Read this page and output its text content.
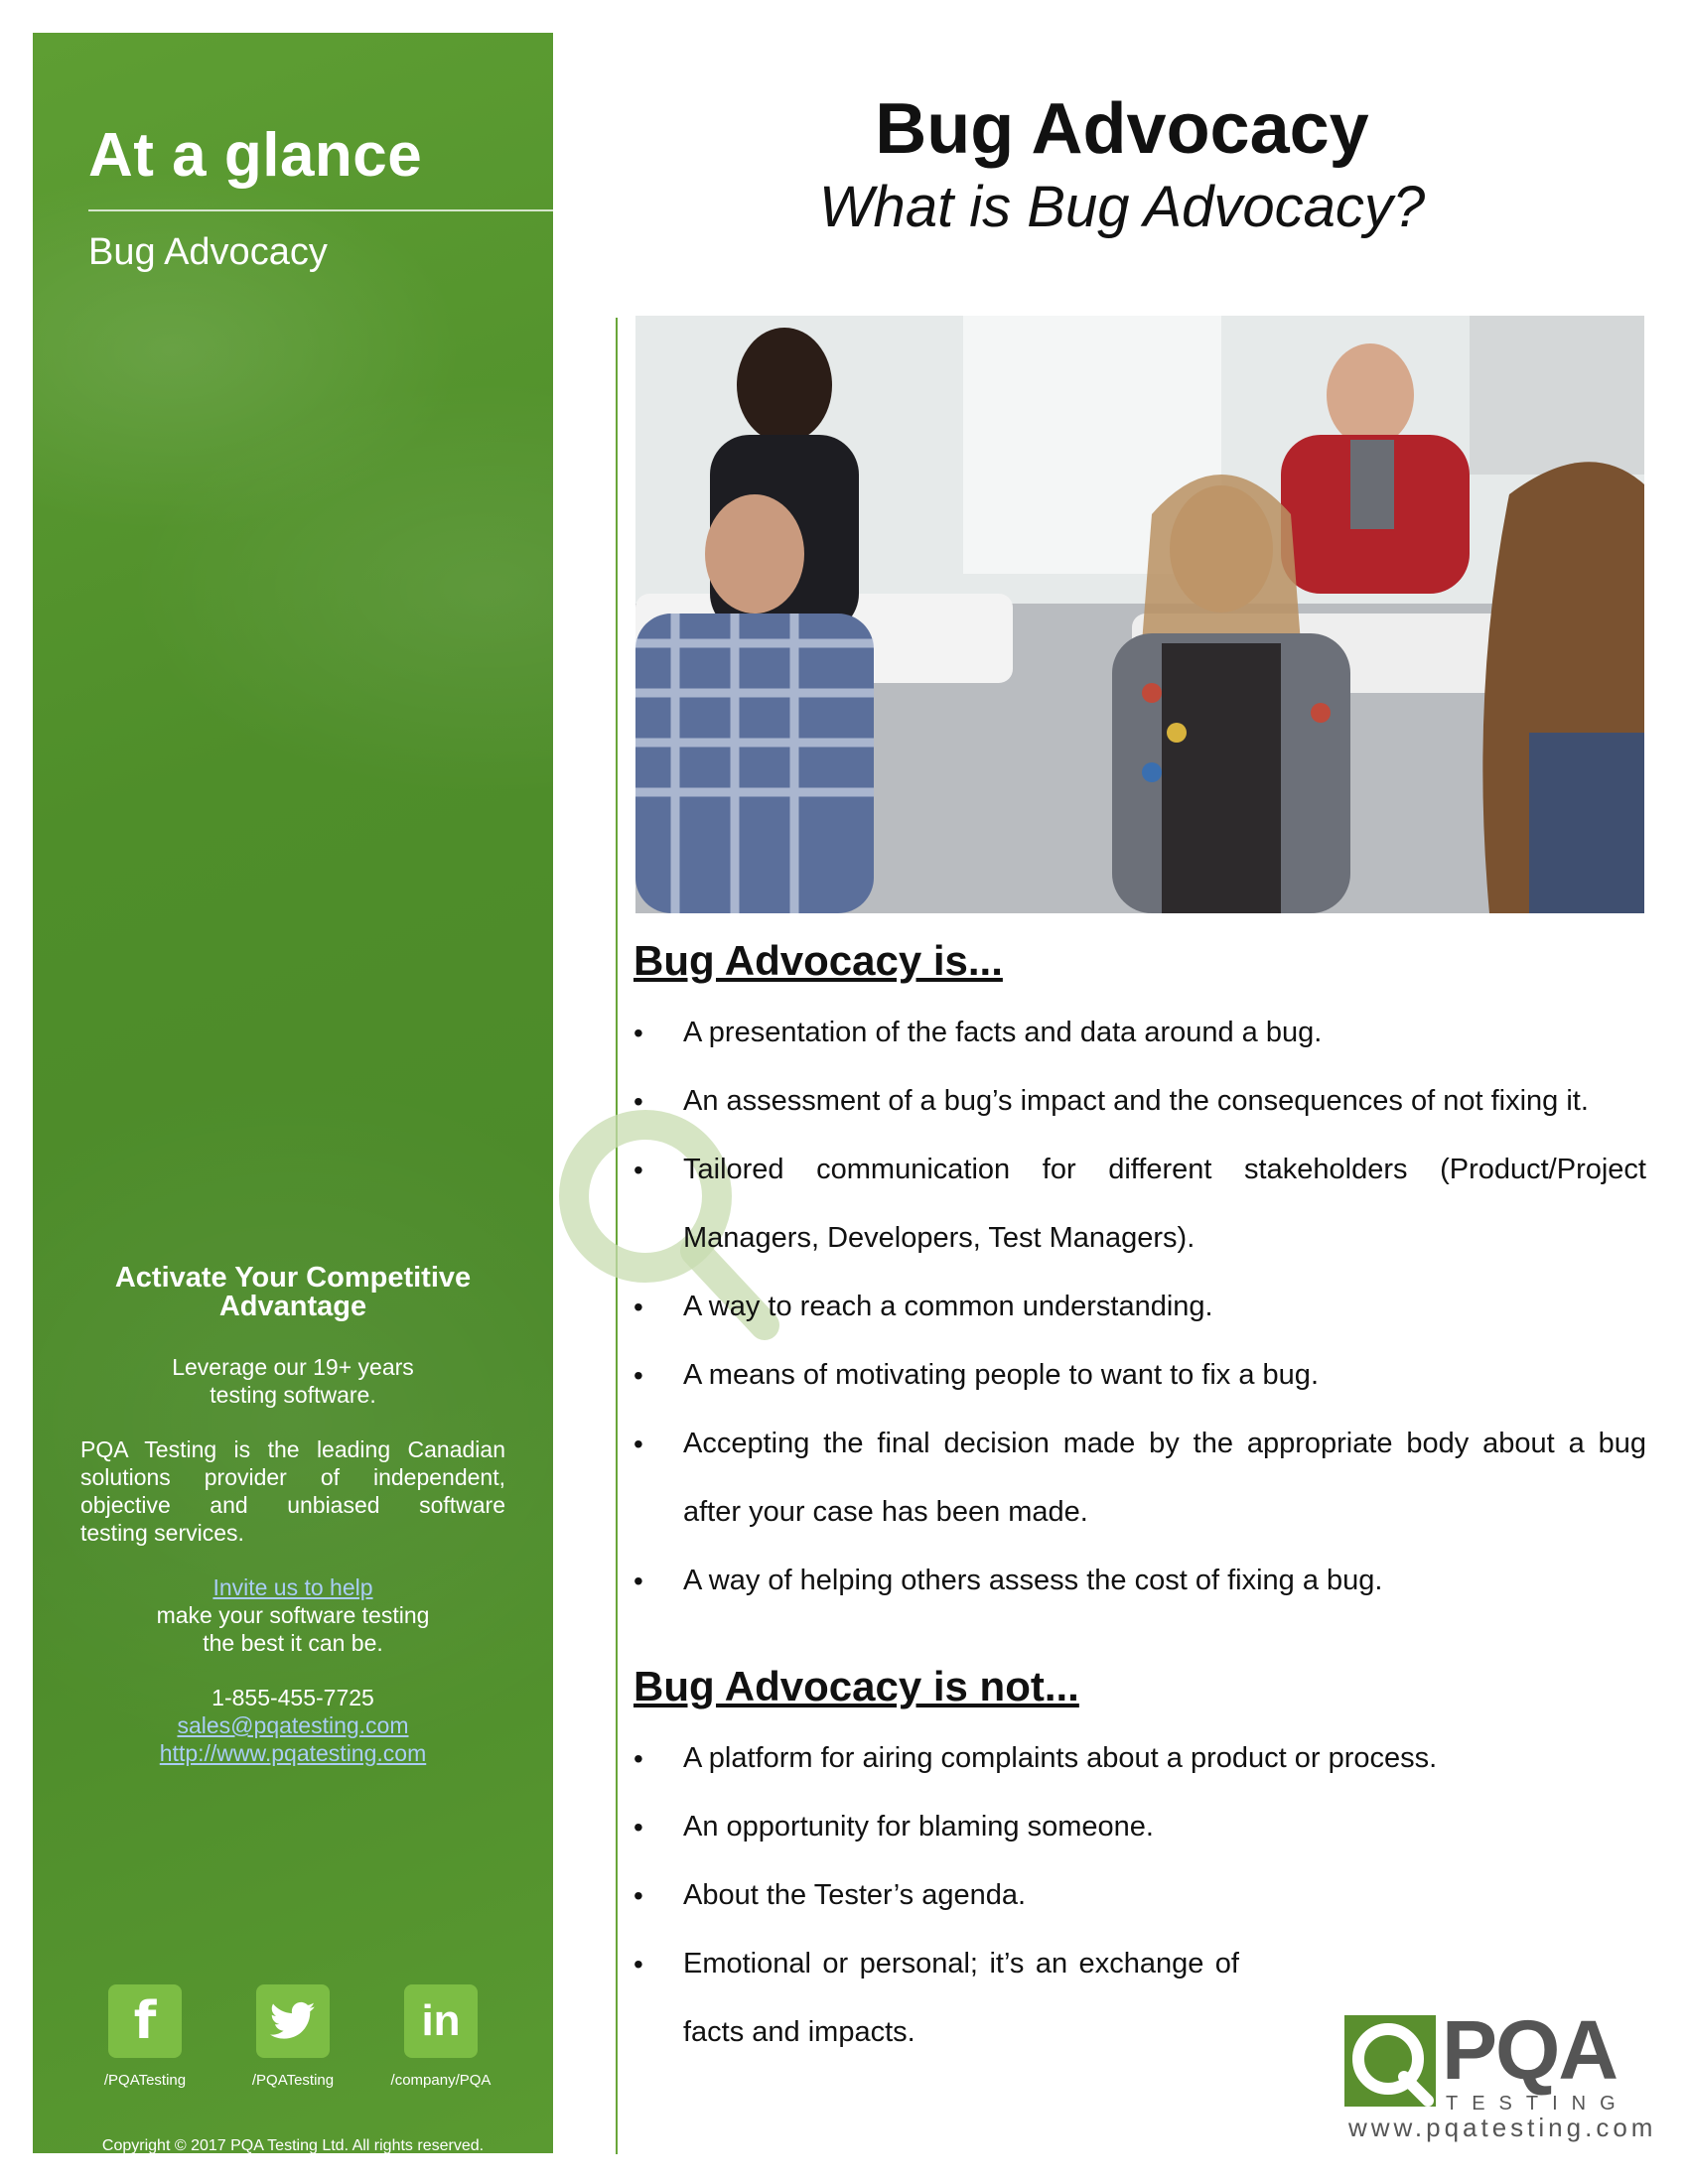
At a glance
Bug Advocacy
Activate Your Competitive Advantage

Leverage our 19+ years
testing software.

PQA Testing is the leading Canadian solutions provider of independent, objective and unbiased software
testing services.

Invite us to help
make your software testing
the best it can be.

1-855-455-7725
sales@pqatesting.com
http://www.pqatesting.com

f
/PQATesting	/PQATesting
in
/company/PQA
Copyright © 2017 PQA Testing Ltd. All rights reserved.
Bug Advocacy
What is Bug Advocacy?
Bug Advocacy is...
• A presentation of the facts and data around a bug.
• An assessment of a bug’s impact and the consequences of not fixing it.
• Tailored communication for different stakeholders (Product/Project Managers, Developers, Test Managers).
• A way to reach a common understanding.
• A means of motivating people to want to fix a bug.
• Accepting the final decision made by the appropriate body about a bug after your case has been made.
• A way of helping others assess the cost of fixing a bug.
Bug Advocacy is not...
• A platform for airing complaints about a product or process.
• An opportunity for blaming someone.
• About the Tester’s agenda.
• Emotional or personal; it’s an exchange of facts and impacts.	PQA
TESTING
www.pqatesting.com
